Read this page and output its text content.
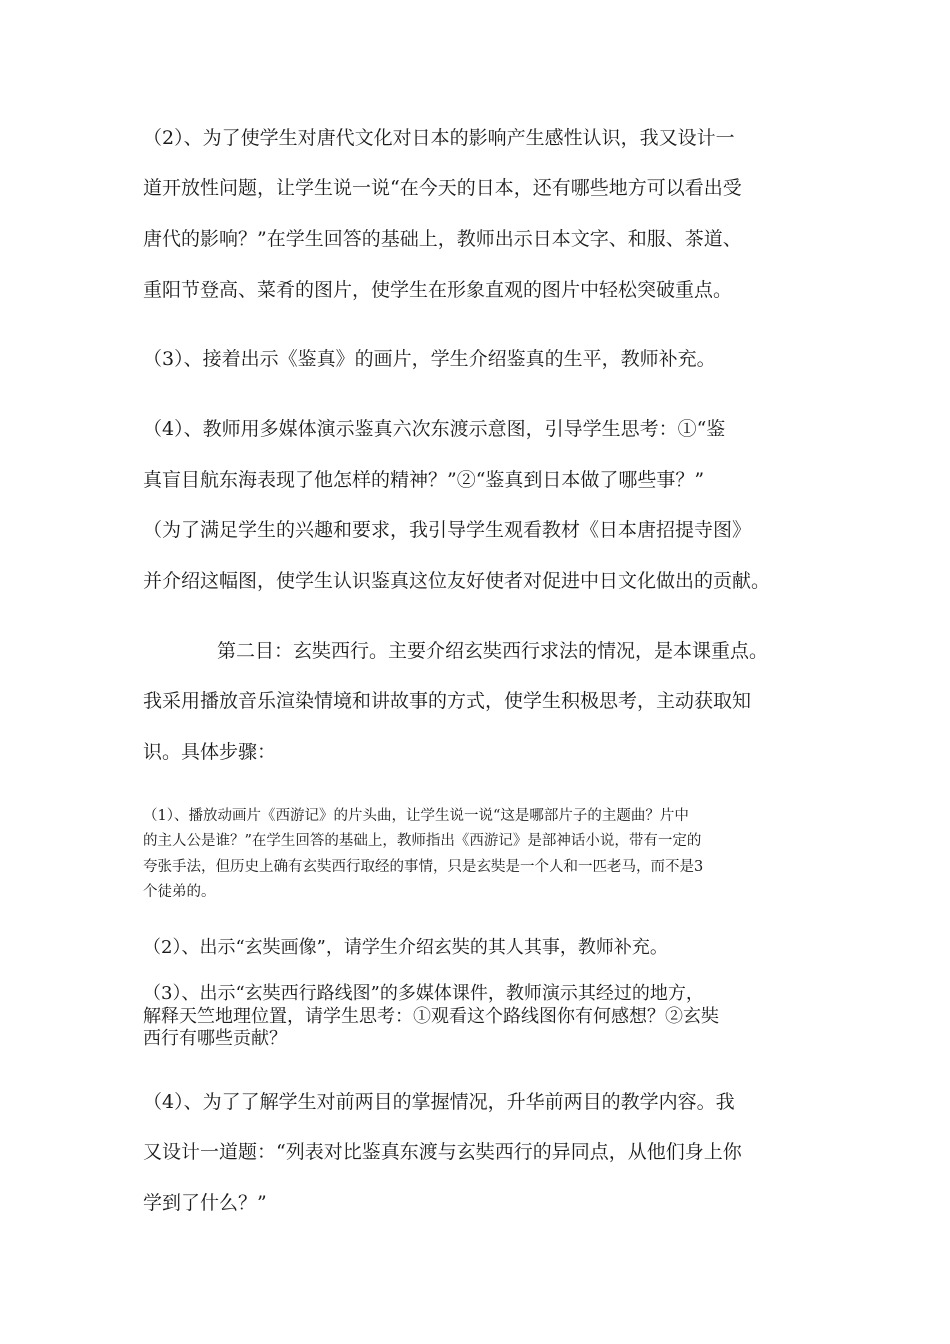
（2）、为了使学生对唐代文化对日本的影响产生感性认识，我又设计一
道开放性问题，让学生说一说“在今天的日本，还有哪些地方可以看出受
唐代的影响？”在学生回答的基础上，教师出示日本文字、和服、茶道、
重阳节登高、菜肴的图片，使学生在形象直观的图片中轻松突破重点。
（3）、接着出示《鉴真》的画片，学生介绍鉴真的生平，教师补充。
（4）、教师用多媒体演示鉴真六次东渡示意图，引导学生思考：①“鉴
真盲目航东海表现了他怎样的精神？”②“鉴真到日本做了哪些事？”
（为了满足学生的兴趣和要求，我引导学生观看教材《日本唐招提寺图》
并介绍这幅图，使学生认识鉴真这位友好使者对促进中日文化做出的贡献。
第二目：玄奘西行。主要介绍玄奘西行求法的情况，是本课重点。
我采用播放音乐渲染情境和讲故事的方式，使学生积极思考，主动获取知
识。具体步骤：
（1）、播放动画片《西游记》的片头曲，让学生说一说“这是哪部片子的主题曲？片中
的主人公是谁？”在学生回答的基础上，教师指出《西游记》是部神话小说，带有一定的
夸张手法，但历史上确有玄奘西行取经的事情，只是玄奘是一个人和一匹老马，而不是3
个徒弟的。
（2）、出示“玄奘画像”，请学生介绍玄奘的其人其事，教师补充。
（3）、出示“玄奘西行路线图”的多媒体课件，教师演示其经过的地方，
解释天竺地理位置，请学生思考：①观看这个路线图你有何感想？②玄奘
西行有哪些贡献？
（4）、为了了解学生对前两目的掌握情况，升华前两目的教学内容。我
又设计一道题：“列表对比鉴真东渡与玄奘西行的异同点，从他们身上你
学到了什么？”
